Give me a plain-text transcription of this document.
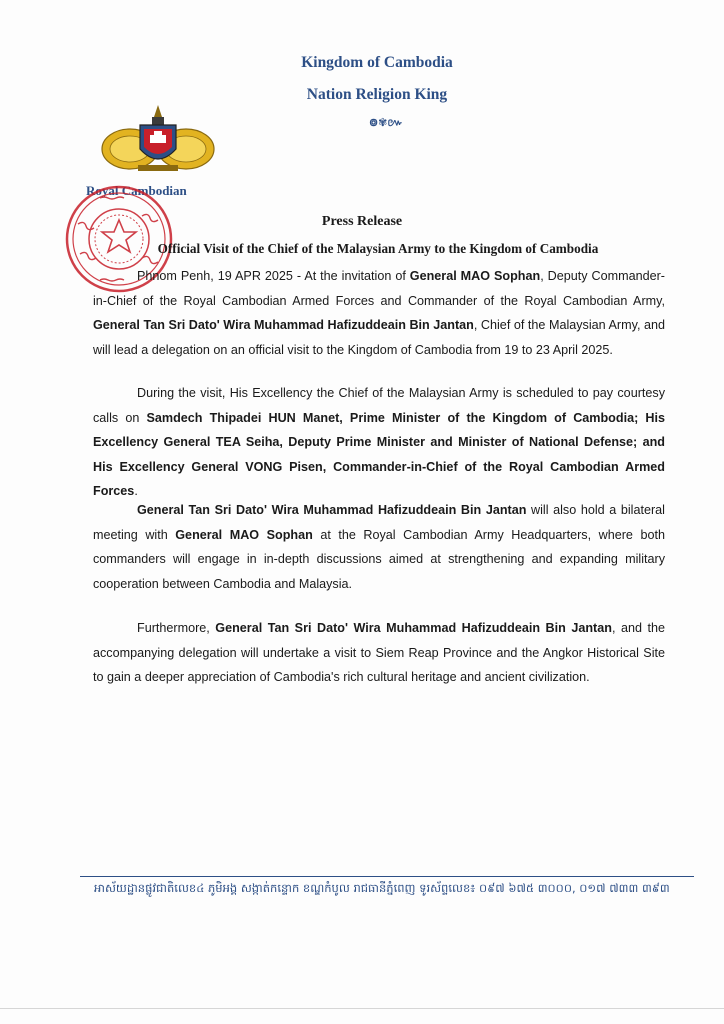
Kingdom of Cambodia
Nation Religion King
៙✾៚
Royal Cambodian
Press Release
Official Visit of the Chief of the Malaysian Army to the Kingdom of Cambodia
Phnom Penh, 19 APR 2025 - At the invitation of General MAO Sophan, Deputy Commander-in-Chief of the Royal Cambodian Armed Forces and Commander of the Royal Cambodian Army, General Tan Sri Dato' Wira Muhammad Hafizuddeain Bin Jantan, Chief of the Malaysian Army, and will lead a delegation on an official visit to the Kingdom of Cambodia from 19 to 23 April 2025.
During the visit, His Excellency the Chief of the Malaysian Army is scheduled to pay courtesy calls on Samdech Thipadei HUN Manet, Prime Minister of the Kingdom of Cambodia; His Excellency General TEA Seiha, Deputy Prime Minister and Minister of National Defense; and His Excellency General VONG Pisen, Commander-in-Chief of the Royal Cambodian Armed Forces.
General Tan Sri Dato' Wira Muhammad Hafizuddeain Bin Jantan will also hold a bilateral meeting with General MAO Sophan at the Royal Cambodian Army Headquarters, where both commanders will engage in in-depth discussions aimed at strengthening and expanding military cooperation between Cambodia and Malaysia.
Furthermore, General Tan Sri Dato' Wira Muhammad Hafizuddeain Bin Jantan, and the accompanying delegation will undertake a visit to Siem Reap Province and the Angkor Historical Site to gain a deeper appreciation of Cambodia's rich cultural heritage and ancient civilization.
អាស័យដ្ឋានផ្លូវជាតិលេខ៤ ភូមិអង្គ សង្កាត់កន្ទោក ខណ្ឌកំបូល រាជធានីភ្នំពេញ ទូរស័ព្ទលេខ៖ ០៩៧ ៦៧៥ ៣០០០, ០១៧ ៧៣៣ ៣៩៣
